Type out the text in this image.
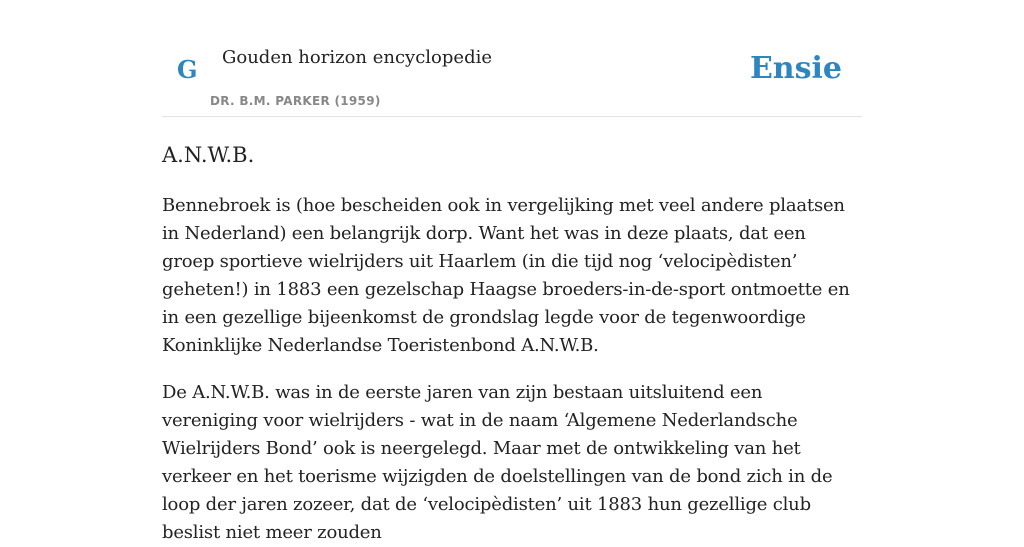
G Gouden horizon encyclopedie
DR. B.M. PARKER (1959)
Ensie
A.N.W.B.

Bennebroek is (hoe bescheiden ook in vergelijking met veel andere plaatsen in Nederland) een belangrijk dorp. Want het was in deze plaats, dat een groep sportieve wielrijders uit Haarlem (in die tijd nog ‘velocipèdisten’ geheten!) in 1883 een gezelschap Haagse broeders-in-de-sport ontmoette en in een gezellige bijeenkomst de grondslag legde voor de tegenwoordige Koninklijke Nederlandse Toeristenbond A.N.W.B.

De A.N.W.B. was in de eerste jaren van zijn bestaan uitsluitend een vereniging voor wielrijders - wat in de naam ‘Algemene Nederlandsche Wielrijders Bond’ ook is neergelegd. Maar met de ontwikkeling van het verkeer en het toerisme wijzigden de doelstellingen van de bond zich in de loop der jaren zozeer, dat de ‘velocipèdisten’ uit 1883 hun gezellige club beslist niet meer zouden
